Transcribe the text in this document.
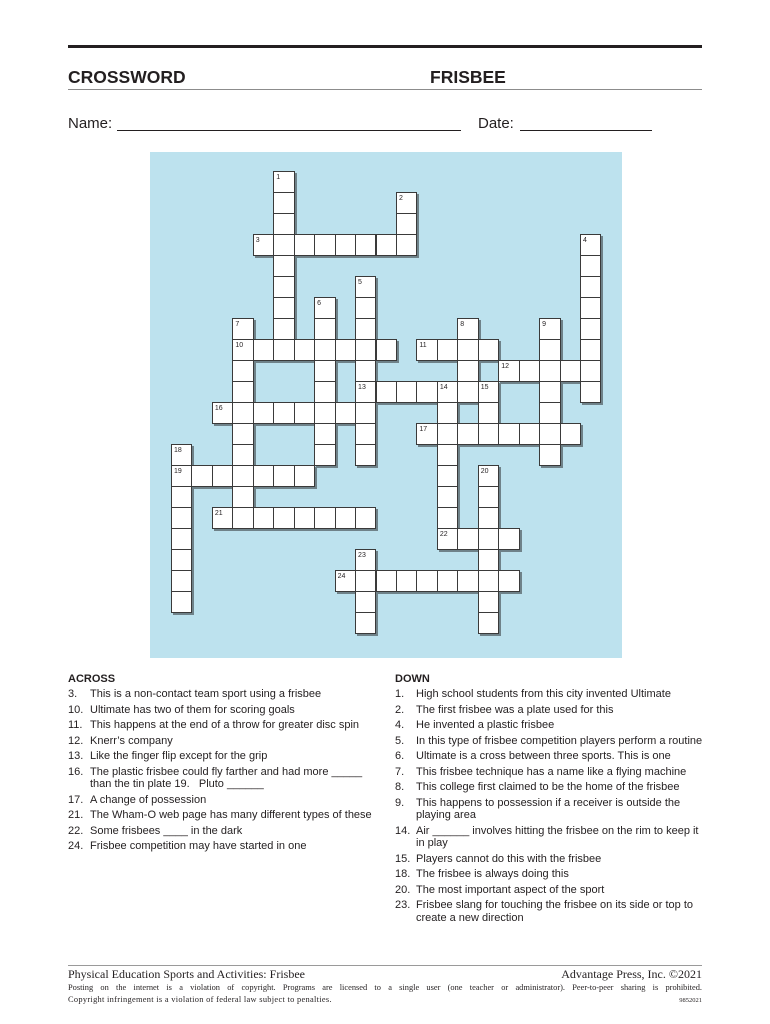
CROSSWORD	FRISBEE
Name:	Date:
3
10	11
12
13	14	15
16
17
19
21
22
24
1
2
4
5
6
7	8	9
18
20
23
ACROSS
3.	This is a non-contact team sport using a frisbee
10. Ultimate has two of them for scoring goals
11. This happens at the end of a throw for greater disc spin
12. Knerr’s company
13. Like the finger flip except for the grip
16. The plastic frisbee could fly farther and had more _____
than the tin plate 19.   Pluto ______
17. A change of possession
21. The Wham-O web page has many different types of these
22. Some frisbees ____ in the dark
24. Frisbee competition may have started in one
DOWN
1.	High school students from this city invented Ultimate
2.	The first frisbee was a plate used for this
4.	He invented a plastic frisbee
5.	In this type of frisbee competition players perform a routine
6.	Ultimate is a cross between three sports. This is one
7.	This frisbee technique has a name like a flying machine
8.	This college first claimed to be the home of the frisbee
9.	This happens to possession if a receiver is outside the
playing area
14. Air ______ involves hitting the frisbee on the rim to keep it
in play
15. Players cannot do this with the frisbee
18. The frisbee is always doing this
20. The most important aspect of the sport
23. Frisbee slang for touching the frisbee on its side or top to
create a new direction
Physical Education Sports and Activities: Frisbee	Advantage Press, Inc. ©2021
Posting on the internet is a violation of copyright. Programs are licensed to a single user (one teacher or administrator). Peer-to-peer sharing is prohibited.
Copyright infringement is a violation of federal law subject to penalties.	9852021
